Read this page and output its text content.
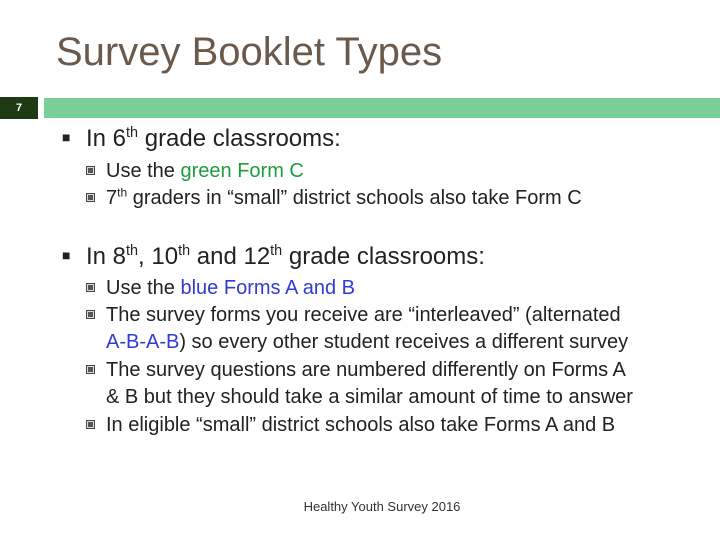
Survey Booklet Types
7
■ In 6th grade classrooms:
Use the green Form C
7th graders in “small” district schools also take Form C
■ In 8th, 10th and 12th grade classrooms:
Use the blue Forms A and B
The survey forms you receive are “interleaved” (alternated
A-B-A-B) so every other student receives a different survey
The survey questions are numbered differently on Forms A
& B but they should take a similar amount of time to answer
In eligible “small” district schools also take Forms A and B
Healthy Youth Survey 2016
